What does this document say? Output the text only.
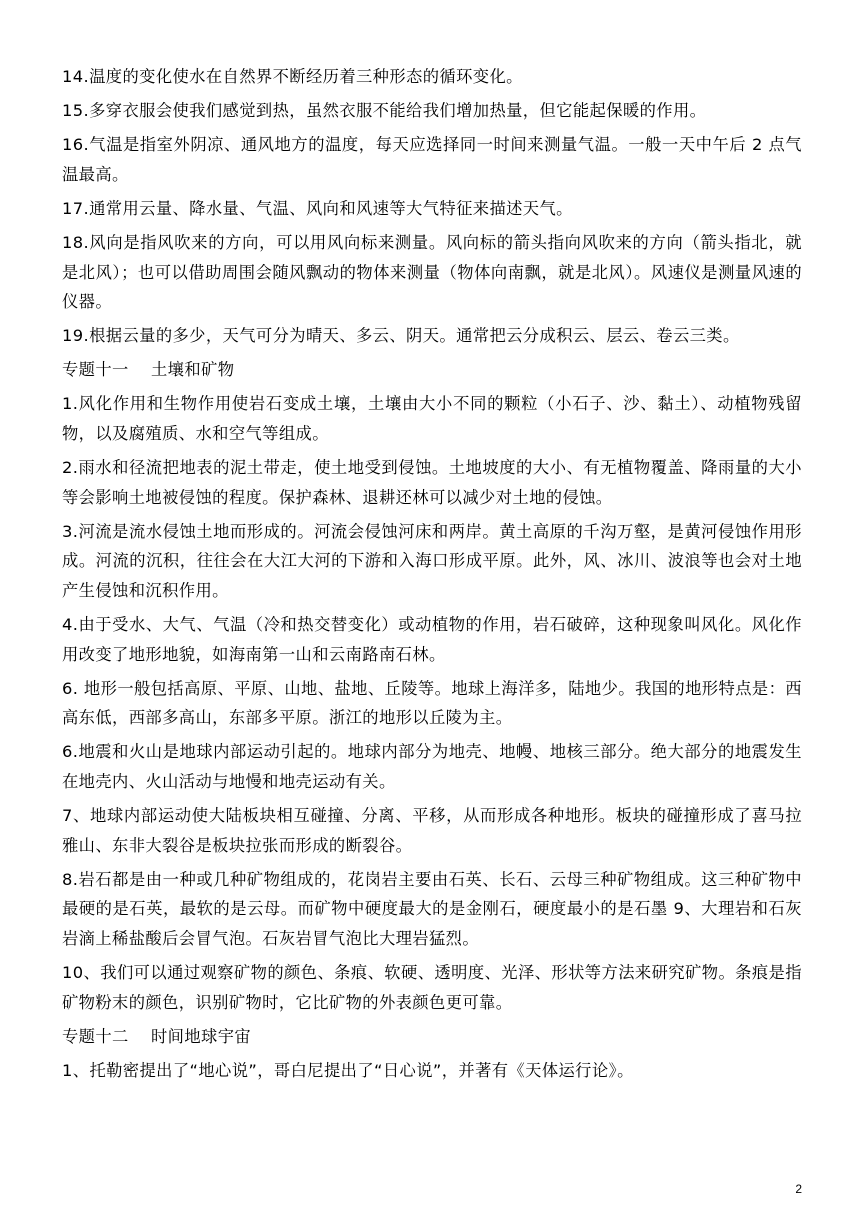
14.温度的变化使水在自然界不断经历着三种形态的循环变化。

15.多穿衣服会使我们感觉到热，虽然衣服不能给我们增加热量，但它能起保暖的作用。

16.气温是指室外阴凉、通风地方的温度，每天应选择同一时间来测量气温。一般一天中午后 2 点气温最高。

17.通常用云量、降水量、气温、风向和风速等大气特征来描述天气。

18.风向是指风吹来的方向，可以用风向标来测量。风向标的箭头指向风吹来的方向（箭头指北，就是北风）；也可以借助周围会随风飘动的物体来测量（物体向南飘，就是北风）。风速仪是测量风速的仪器。

19.根据云量的多少，天气可分为晴天、多云、阴天。通常把云分成积云、层云、卷云三类。

专题十一　 土壤和矿物

1.风化作用和生物作用使岩石变成土壤，土壤由大小不同的颗粒（小石子、沙、黏土）、动植物残留物，以及腐殖质、水和空气等组成。

2.雨水和径流把地表的泥土带走，使土地受到侵蚀。土地坡度的大小、有无植物覆盖、降雨量的大小等会影响土地被侵蚀的程度。保护森林、退耕还林可以减少对土地的侵蚀。

3.河流是流水侵蚀土地而形成的。河流会侵蚀河床和两岸。黄土高原的千沟万壑，是黄河侵蚀作用形成。河流的沉积，往往会在大江大河的下游和入海口形成平原。此外，风、冰川、波浪等也会对土地产生侵蚀和沉积作用。

4.由于受水、大气、气温（冷和热交替变化）或动植物的作用，岩石破碎，这种现象叫风化。风化作用改变了地形地貌，如海南第一山和云南路南石林。

6. 地形一般包括高原、平原、山地、盐地、丘陵等。地球上海洋多，陆地少。我国的地形特点是：西高东低，西部多高山，东部多平原。浙江的地形以丘陵为主。

6.地震和火山是地球内部运动引起的。地球内部分为地壳、地幔、地核三部分。绝大部分的地震发生在地壳内、火山活动与地慢和地壳运动有关。

7、地球内部运动使大陆板块相互碰撞、分离、平移，从而形成各种地形。板块的碰撞形成了喜马拉雅山、东非大裂谷是板块拉张而形成的断裂谷。

8.岩石都是由一种或几种矿物组成的，花岗岩主要由石英、长石、云母三种矿物组成。这三种矿物中最硬的是石英，最软的是云母。而矿物中硬度最大的是金刚石，硬度最小的是石墨 9、大理岩和石灰岩滴上稀盐酸后会冒气泡。石灰岩冒气泡比大理岩猛烈。

10、我们可以通过观察矿物的颜色、条痕、软硬、透明度、光泽、形状等方法来研究矿物。条痕是指矿物粉末的颜色，识别矿物时，它比矿物的外表颜色更可靠。

专题十二　 时间地球宇宙

1、托勒密提出了“地心说”，哥白尼提出了“日心说”，并著有《天体运行论》。

2
